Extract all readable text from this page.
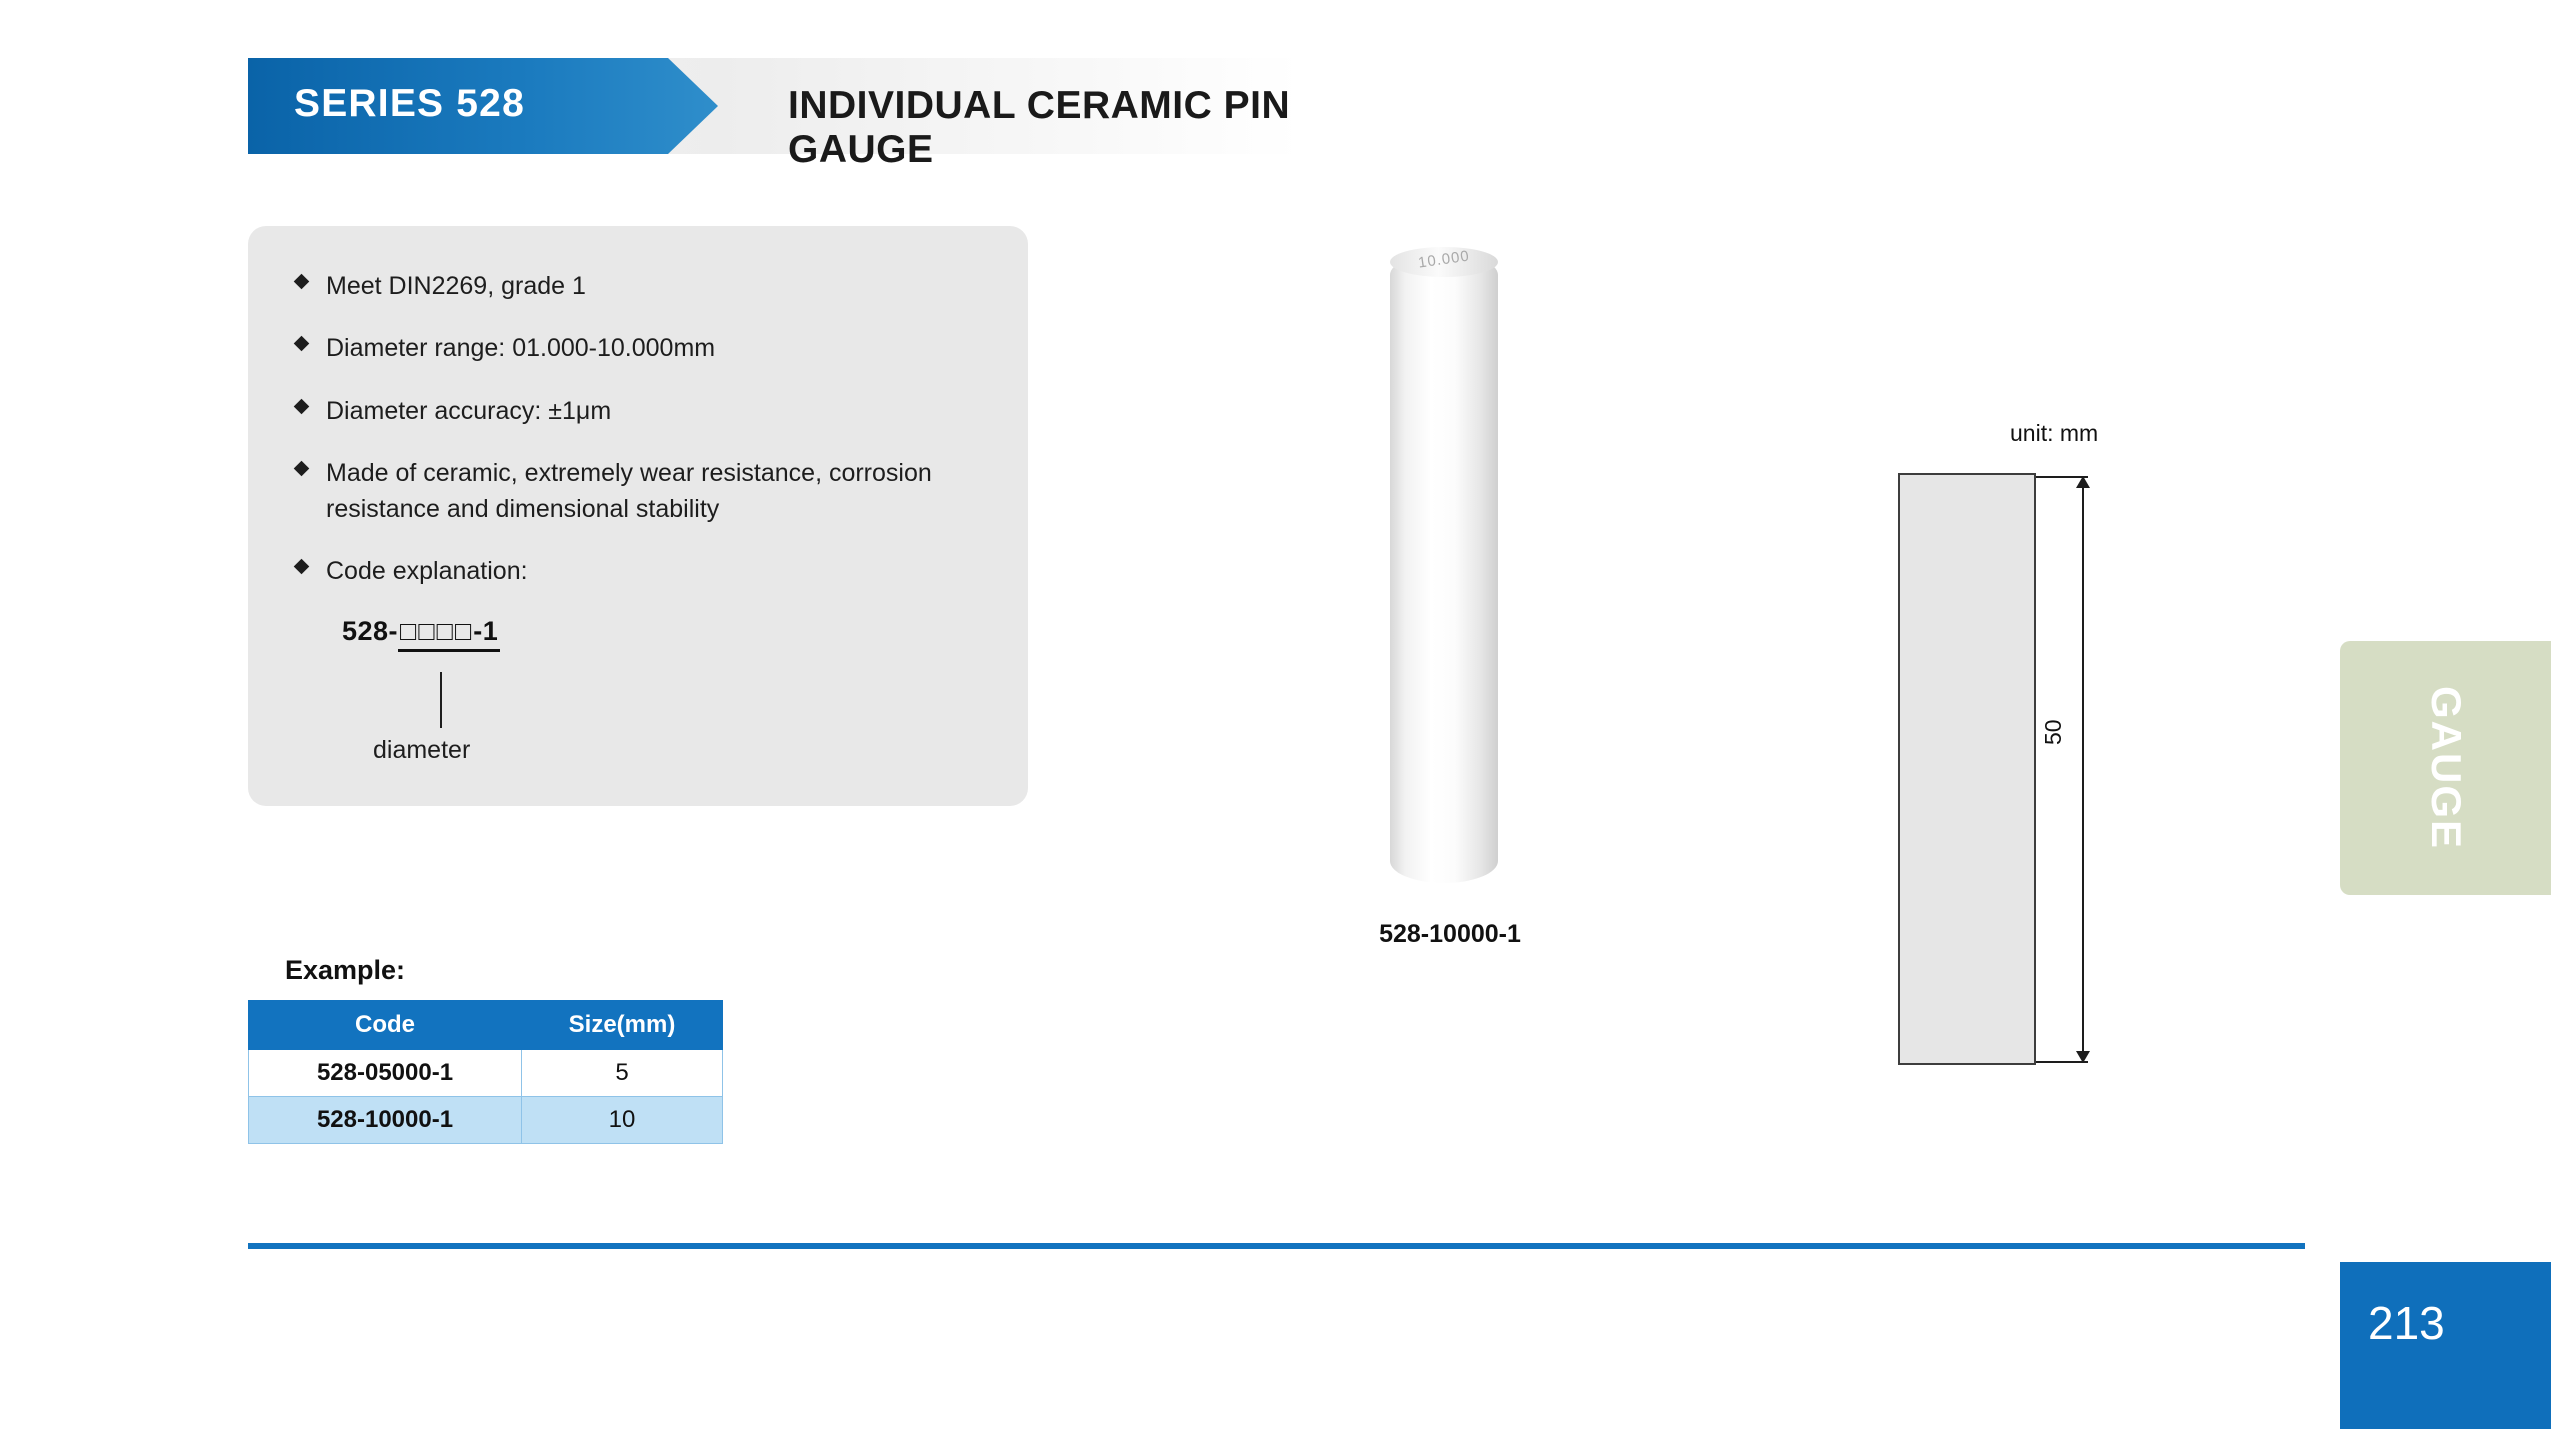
SERIES 528	INDIVIDUAL CERAMIC PIN GAUGE
Meet DIN2269, grade 1
Diameter range: 01.000-10.000mm
Diameter accuracy: ±1μm
Made of ceramic, extremely wear resistance, corrosion resistance and dimensional stability
Code explanation:
528-□□□□-1
diameter
Example:
Code	Size(mm)
528-05000-1	5
528-10000-1	10
10.000
528-10000-1
unit: mm
50	GAUGE
213
